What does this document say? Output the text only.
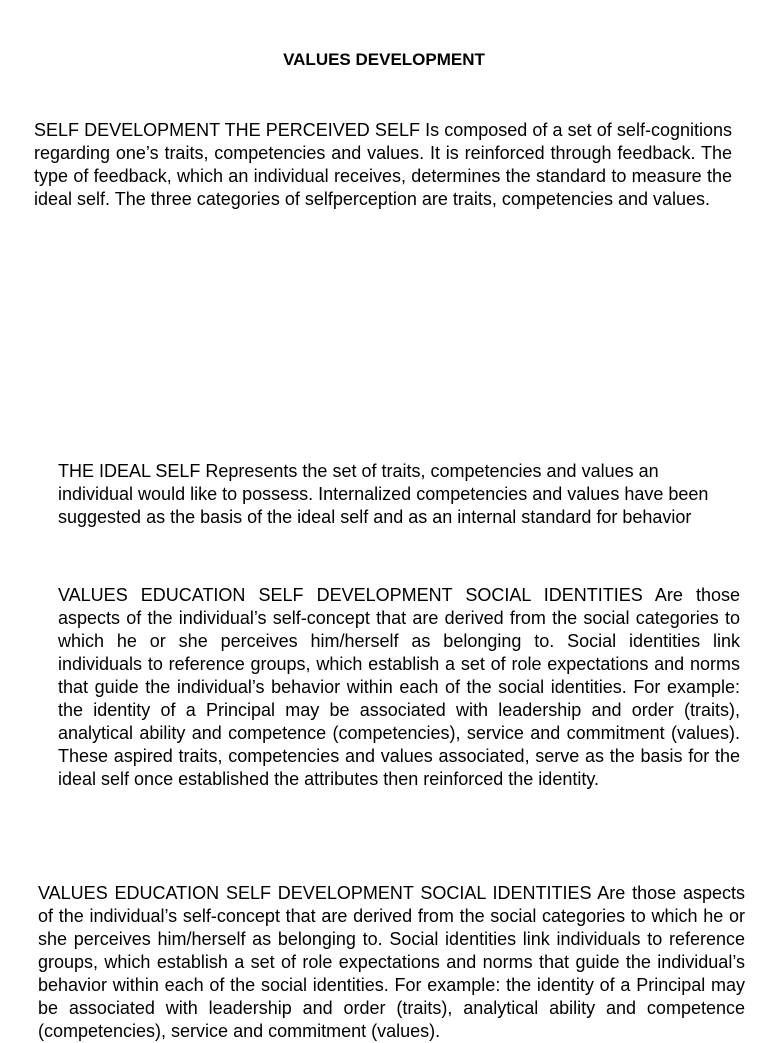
VALUES DEVELOPMENT

SELF DEVELOPMENT THE PERCEIVED SELF Is composed of a set of self-cognitions regarding one’s traits, competencies and values. It is reinforced through feedback. The type of feedback, which an individual receives, determines the standard to measure the ideal self. The three categories of selfperception are traits, competencies and values.

THE IDEAL SELF Represents the set of traits, competencies and values an individual would like to possess. Internalized competencies and values have been suggested as the basis of the ideal self and as an internal standard for behavior

VALUES EDUCATION SELF DEVELOPMENT SOCIAL IDENTITIES Are those aspects of the individual’s self-concept that are derived from the social categories to which he or she perceives him/herself as belonging to. Social identities link individuals to reference groups, which establish a set of role expectations and norms that guide the individual’s behavior within each of the social identities. For example: the identity of a Principal may be associated with leadership and order (traits), analytical ability and competence (competencies), service and commitment (values). These aspired traits, competencies and values associated, serve as the basis for the ideal self once established the attributes then reinforced the identity.

VALUES EDUCATION SELF DEVELOPMENT SOCIAL IDENTITIES Are those aspects of the individual’s self-concept that are derived from the social categories to which he or she perceives him/herself as belonging to. Social identities link individuals to reference groups, which establish a set of role expectations and norms that guide the individual’s behavior within each of the social identities. For example: the identity of a Principal may be associated with leadership and order (traits), analytical ability and competence (competencies), service and commitment (values).
